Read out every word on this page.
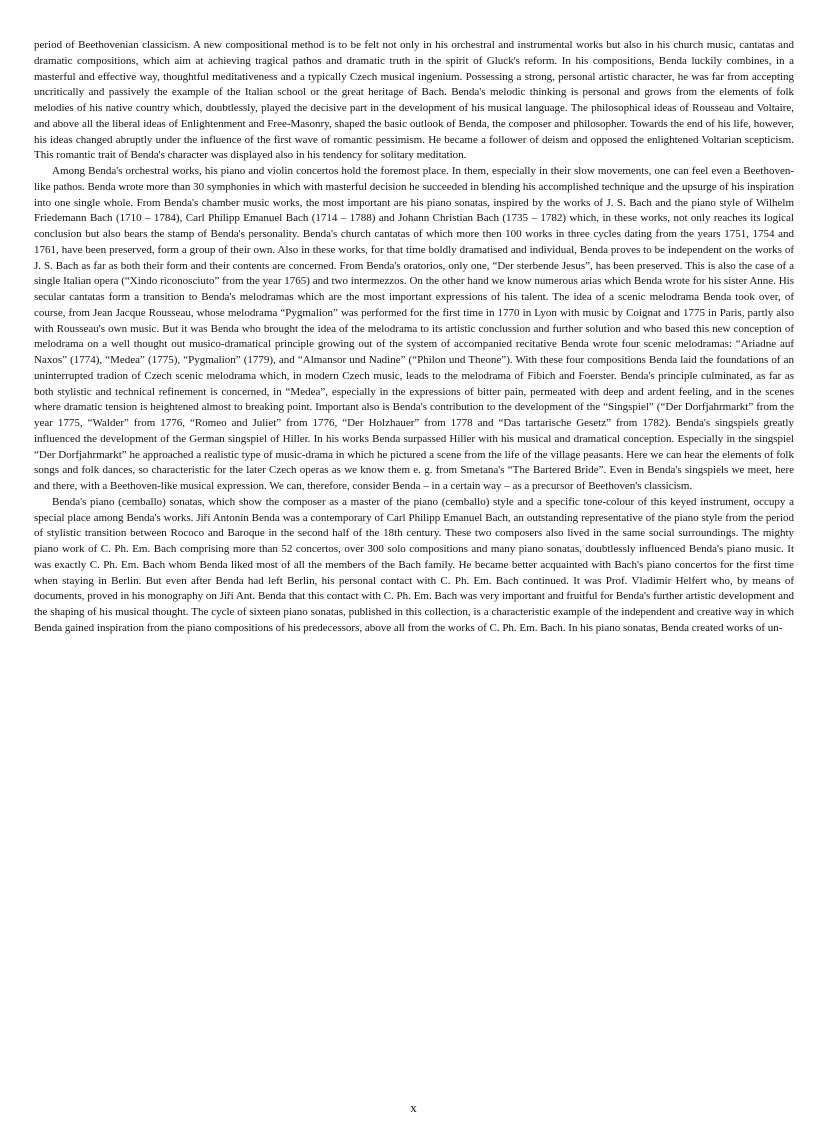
period of Beethovenian classicism. A new compositional method is to be felt not only in his orchestral and instrumental works but also in his church music, cantatas and dramatic compositions, which aim at achieving tragical pathos and dramatic truth in the spirit of Gluck's reform. In his compositions, Benda luckily combines, in a masterful and effective way, thoughtful meditativeness and a typically Czech musical ingenium. Possessing a strong, personal artistic character, he was far from accepting uncritically and passively the example of the Italian school or the great heritage of Bach. Benda's melodic thinking is personal and grows from the elements of folk melodies of his native country which, doubtlessly, played the decisive part in the development of his musical language. The philosophical ideas of Rousseau and Voltaire, and above all the liberal ideas of Enlightenment and Free-Masonry, shaped the basic outlook of Benda, the composer and philosopher. Towards the end of his life, however, his ideas changed abruptly under the influence of the first wave of romantic pessimism. He became a follower of deism and opposed the enlightened Voltarian scepticism. This romantic trait of Benda's character was displayed also in his tendency for solitary meditation.

Among Benda's orchestral works, his piano and violin concertos hold the foremost place. In them, especially in their slow movements, one can feel even a Beethoven-like pathos. Benda wrote more than 30 symphonies in which with masterful decision he succeeded in blending his accomplished technique and the upsurge of his inspiration into one single whole. From Benda's chamber music works, the most important are his piano sonatas, inspired by the works of J. S. Bach and the piano style of Wilhelm Friedemann Bach (1710 – 1784), Carl Philipp Emanuel Bach (1714 – 1788) and Johann Christian Bach (1735 – 1782) which, in these works, not only reaches its logical conclusion but also bears the stamp of Benda's personality. Benda's church cantatas of which more then 100 works in three cycles dating from the years 1751, 1754 and 1761, have been preserved, form a group of their own. Also in these works, for that time boldly dramatised and individual, Benda proves to be independent on the works of J. S. Bach as far as both their form and their contents are concerned. From Benda's oratorios, only one, “Der sterbende Jesus”, has been preserved. This is also the case of a single Italian opera (“Xindo riconosciuto” from the year 1765) and two intermezzos. On the other hand we know numerous arias which Benda wrote for his sister Anne. His secular cantatas form a transition to Benda's melodramas which are the most important expressions of his talent. The idea of a scenic melodrama Benda took over, of course, from Jean Jacque Rousseau, whose melodrama “Pygmalion” was performed for the first time in 1770 in Lyon with music by Coignat and 1775 in Paris, partly also with Rousseau's own music. But it was Benda who brought the idea of the melodrama to its artistic conclussion and further solution and who based this new conception of melodrama on a well thought out musico-dramatical principle growing out of the system of accompanied recitative Benda wrote four scenic melodramas: “Ariadne auf Naxos” (1774), “Medea” (1775), “Pygmalion” (1779), and “Almansor und Nadine” (“Philon und Theone”). With these four compositions Benda laid the foundations of an uninterrupted tradion of Czech scenic melodrama which, in modern Czech music, leads to the melodrama of Fibich and Foerster. Benda's principle culminated, as far as both stylistic and technical refinement is concerned, in “Medea”, especially in the expressions of bitter pain, permeated with deep and ardent feeling, and in the scenes where dramatic tension is heightened almost to breaking point. Important also is Benda's contribution to the development of the “Singspiel” (“Der Dorfjahrmarkt” from the year 1775, “Walder” from 1776, “Romeo and Juliet” from 1776, “Der Holzhauer” from 1778 and “Das tartarische Gesetz” from 1782). Benda's singspiels greatly influenced the development of the German singspiel of Hiller. In his works Benda surpassed Hiller with his musical and dramatical conception. Especially in the singspiel “Der Dorfjahrmarkt” he approached a realistic type of music-drama in which he pictured a scene from the life of the village peasants. Here we can hear the elements of folk songs and folk dances, so characteristic for the later Czech operas as we know them e. g. from Smetana's “The Bartered Bride”. Even in Benda's singspiels we meet, here and there, with a Beethoven-like musical expression. We can, therefore, consider Benda – in a certain way – as a precursor of Beethoven's classicism.

Benda's piano (cemballo) sonatas, which show the composer as a master of the piano (cemballo) style and a specific tone-colour of this keyed instrument, occupy a special place among Benda's works. Jiří Antonín Benda was a contemporary of Carl Philipp Emanuel Bach, an outstanding representative of the piano style from the period of stylistic transition between Rococo and Baroque in the second half of the 18th century. These two composers also lived in the same social surroundings. The mighty piano work of C. Ph. Em. Bach comprising more than 52 concertos, over 300 solo compositions and many piano sonatas, doubtlessly influenced Benda's piano music. It was exactly C. Ph. Em. Bach whom Benda liked most of all the members of the Bach family. He became better acquainted with Bach's piano concertos for the first time when staying in Berlin. But even after Benda had left Berlin, his personal contact with C. Ph. Em. Bach continued. It was Prof. Vladimír Helfert who, by means of documents, proved in his monography on Jiří Ant. Benda that this contact with C. Ph. Em. Bach was very important and fruitful for Benda's further artistic development and the shaping of his musical thought. The cycle of sixteen piano sonatas, published in this collection, is a characteristic example of the independent and creative way in which Benda gained inspiration from the piano compositions of his predecessors, above all from the works of C. Ph. Em. Bach. In his piano sonatas, Benda created works of un-

x
